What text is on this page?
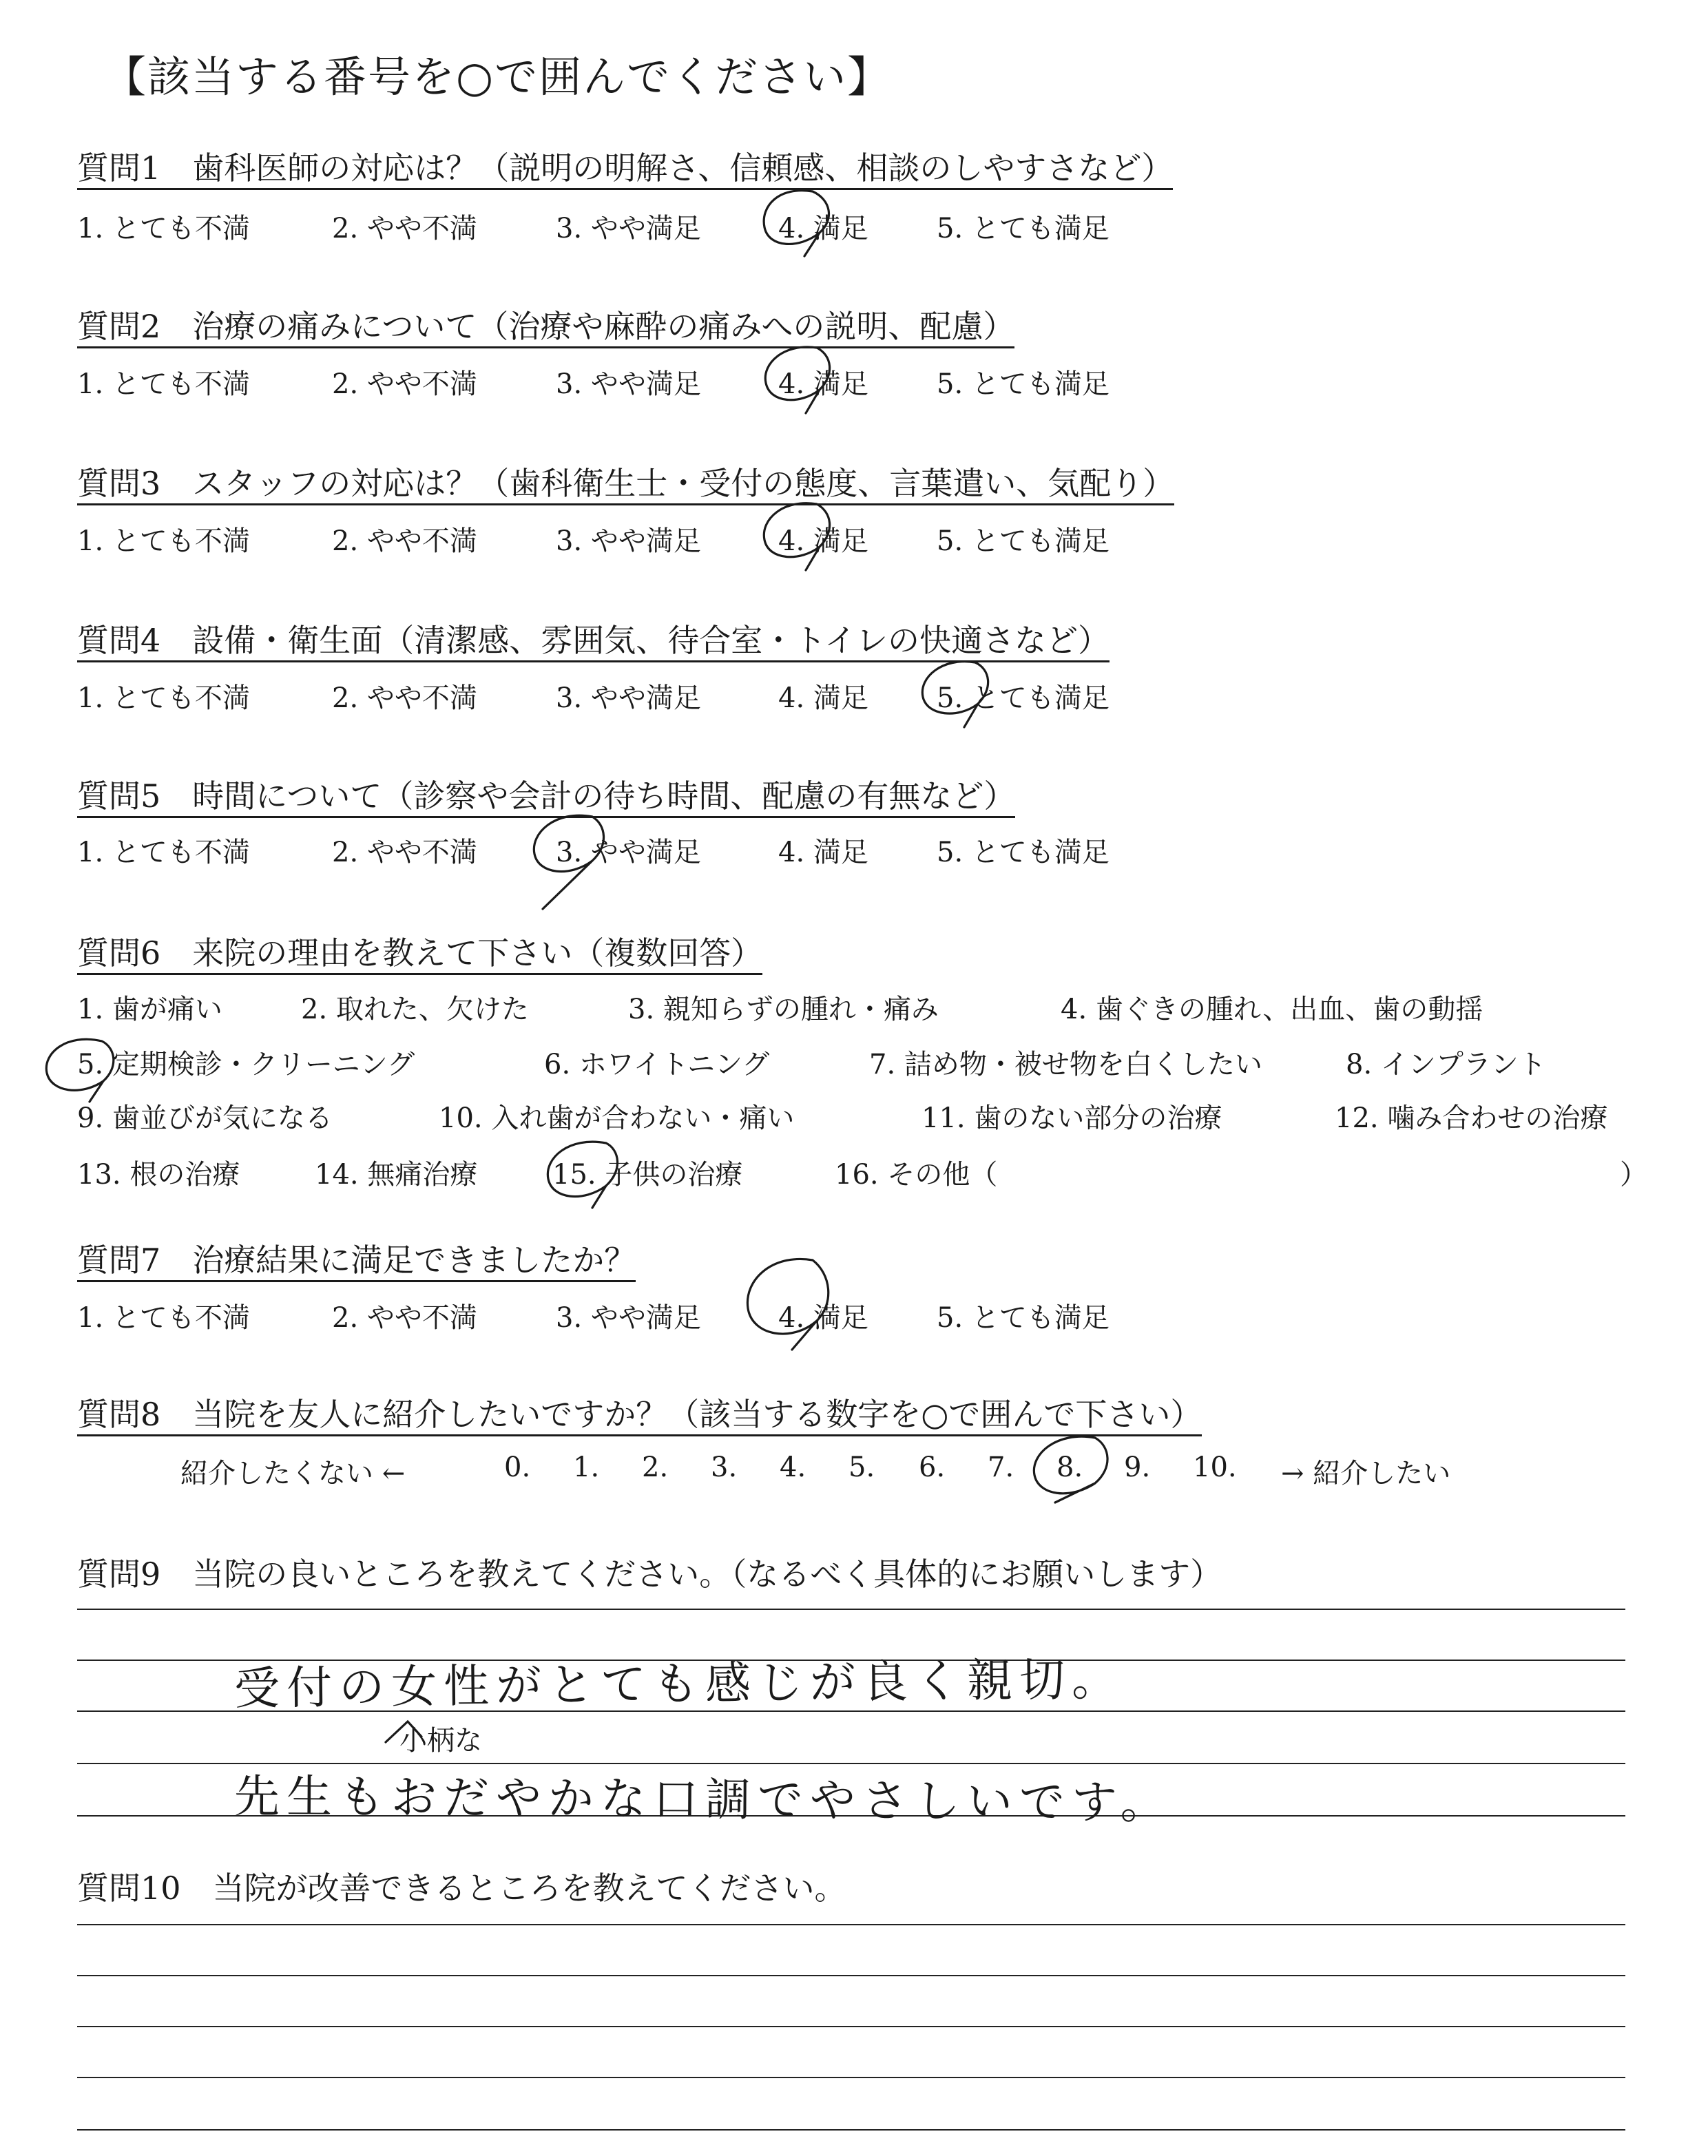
【該当する番号を○で囲んでください】
質問1　歯科医師の対応は？（説明の明解さ、信頼感、相談のしやすさなど）
1. とても不満	2. やや不満	3. やや満足	4. 満足 5. とても満足
質問2　治療の痛みについて（治療や麻酔の痛みへの説明、配慮）
1. とても不満	2. やや不満	3. やや満足	4. 満足 5. とても満足
質問3　スタッフの対応は？（歯科衛生士・受付の態度、言葉遣い、気配り）
1. とても不満	2. やや不満	3. やや満足	4. 満足 5. とても満足
質問4　設備・衛生面（清潔感、雰囲気、待合室・トイレの快適さなど）
1. とても不満	2. やや不満	3. やや満足	4. 満足 5. とても満足
質問5　時間について（診察や会計の待ち時間、配慮の有無など）
1. とても不満	2. やや不満	3. やや満足	4. 満足 5. とても満足
質問6　来院の理由を教えて下さい（複数回答）
1. 歯が痛い	2. 取れた、欠けた	3. 親知らずの腫れ・痛み	4. 歯ぐきの腫れ、出血、歯の動揺
5. 定期検診・クリーニング	6. ホワイトニング	7. 詰め物・被せ物を白くしたい	8. インプラント
9. 歯並びが気になる	10. 入れ歯が合わない・痛い	11. 歯のない部分の治療	12. 噛み合わせの治療
13. 根の治療	14. 無痛治療	15. 子供の治療	16. その他（	）
質問7　治療結果に満足できましたか？
1. とても不満	2. やや不満	3. やや満足	4. 満足 5. とても満足
質問8　当院を友人に紹介したいですか？（該当する数字を○で囲んで下さい）
紹介したくない ←	0. 1. 2. 3. 4. 5. 6. 7. 8. 9. 10. → 紹介したい
質問9　当院の良いところを教えてください。（なるべく具体的にお願いします）
受付の女性がとても感じが良く親切。
小柄な
先生もおだやかな口調でやさしいです。
質問10　当院が改善できるところを教えてください。
